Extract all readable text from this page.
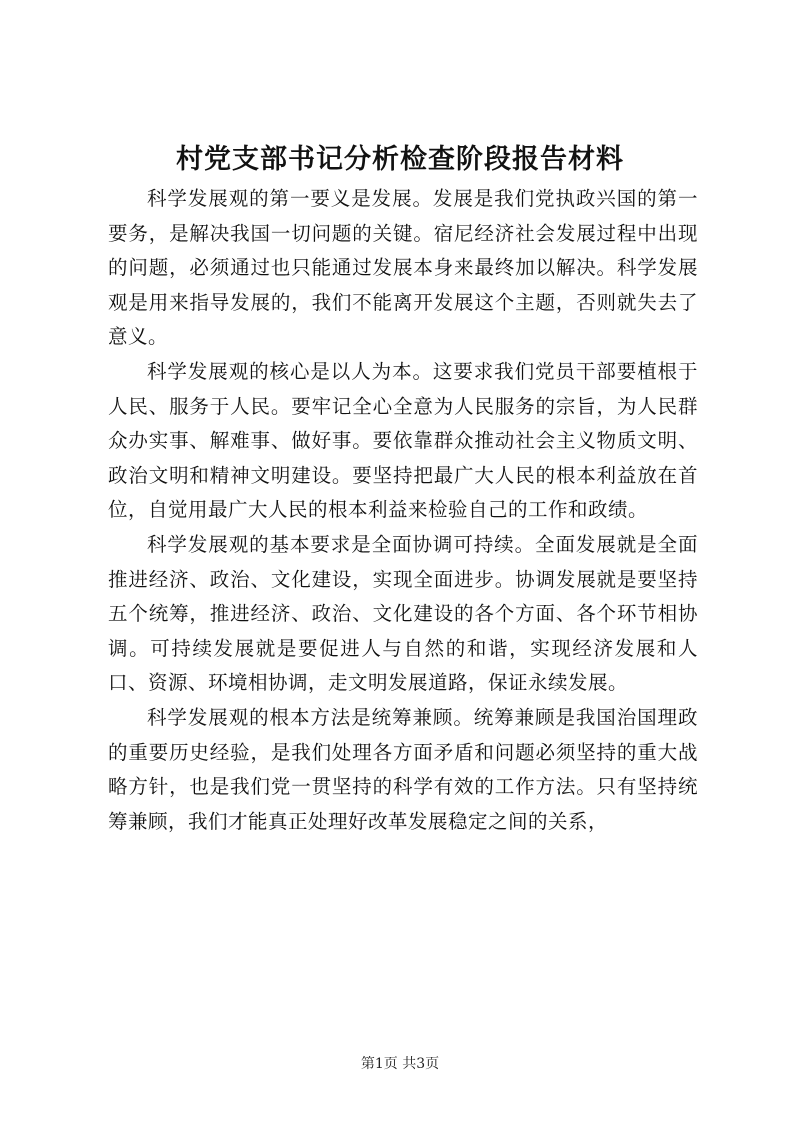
村党支部书记分析检查阶段报告材料

科学发展观的第一要义是发展。发展是我们党执政兴国的第一要务，是解决我国一切问题的关键。宿尼经济社会发展过程中出现的问题，必须通过也只能通过发展本身来最终加以解决。科学发展观是用来指导发展的，我们不能离开发展这个主题，否则就失去了意义。

科学发展观的核心是以人为本。这要求我们党员干部要植根于人民、服务于人民。要牢记全心全意为人民服务的宗旨，为人民群众办实事、解难事、做好事。要依靠群众推动社会主义物质文明、政治文明和精神文明建设。要坚持把最广大人民的根本利益放在首位，自觉用最广大人民的根本利益来检验自己的工作和政绩。

科学发展观的基本要求是全面协调可持续。全面发展就是全面推进经济、政治、文化建设，实现全面进步。协调发展就是要坚持五个统筹，推进经济、政治、文化建设的各个方面、各个环节相协调。可持续发展就是要促进人与自然的和谐，实现经济发展和人口、资源、环境相协调，走文明发展道路，保证永续发展。

科学发展观的根本方法是统筹兼顾。统筹兼顾是我国治国理政的重要历史经验，是我们处理各方面矛盾和问题必须坚持的重大战略方针，也是我们党一贯坚持的科学有效的工作方法。只有坚持统筹兼顾，我们才能真正处理好改革发展稳定之间的关系，

第1页 共3页
